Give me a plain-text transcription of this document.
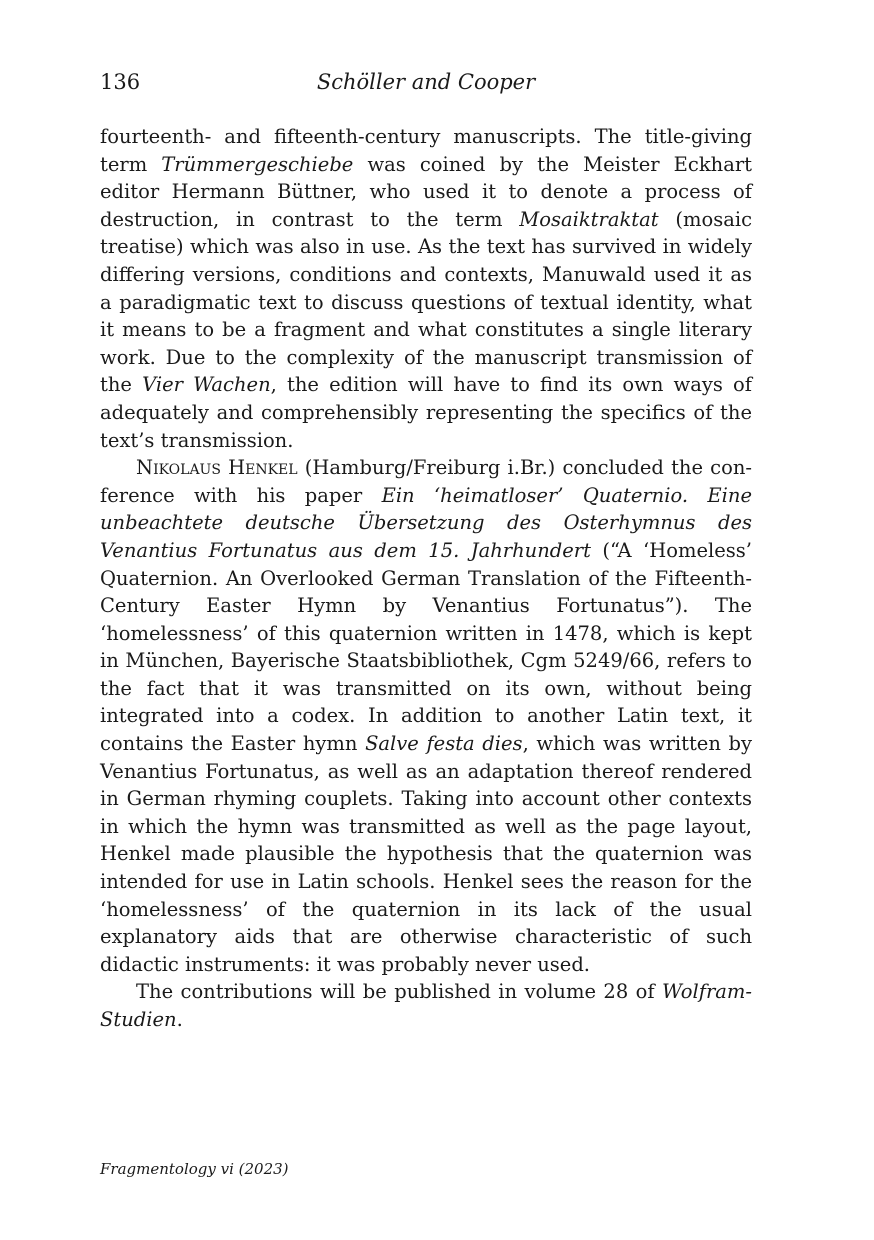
136	Schöller and Cooper

fourteenth- and fifteenth-century manuscripts. The title-giving term Trümmergeschiebe was coined by the Meister Eckhart editor Hermann Büttner, who used it to denote a process of destruction, in contrast to the term Mosaiktraktat (mosaic treatise) which was also in use. As the text has survived in widely differing versions, conditions and contexts, Manuwald used it as a paradigmatic text to discuss questions of textual identity, what it means to be a fragment and what constitutes a single literary work. Due to the complexity of the manuscript transmission of the Vier Wachen, the edition will have to find its own ways of adequately and comprehensibly representing the specifics of the text’s transmission.

Nikolaus Henkel (Hamburg/Freiburg i.Br.) concluded the conference with his paper Ein ‘heimatloser’ Quaternio. Eine unbeachtete deutsche Übersetzung des Osterhymnus des Venantius Fortunatus aus dem 15. Jahrhundert (“A ‘Homeless’ Quaternion. An Overlooked German Translation of the Fifteenth-Century Easter Hymn by Venantius Fortunatus”). The ‘homelessness’ of this quaternion written in 1478, which is kept in München, Bayerische Staatsbibliothek, Cgm 5249/66, refers to the fact that it was transmitted on its own, without being integrated into a codex. In addition to another Latin text, it contains the Easter hymn Salve festa dies, which was written by Venantius Fortunatus, as well as an adaptation thereof rendered in German rhyming couplets. Taking into account other contexts in which the hymn was transmitted as well as the page layout, Henkel made plausible the hypothesis that the quaternion was intended for use in Latin schools. Henkel sees the reason for the ‘homelessness’ of the quaternion in its lack of the usual explanatory aids that are otherwise characteristic of such didactic instruments: it was probably never used.

The contributions will be published in volume 28 of Wolfram-Studien.

Fragmentology vi (2023)
